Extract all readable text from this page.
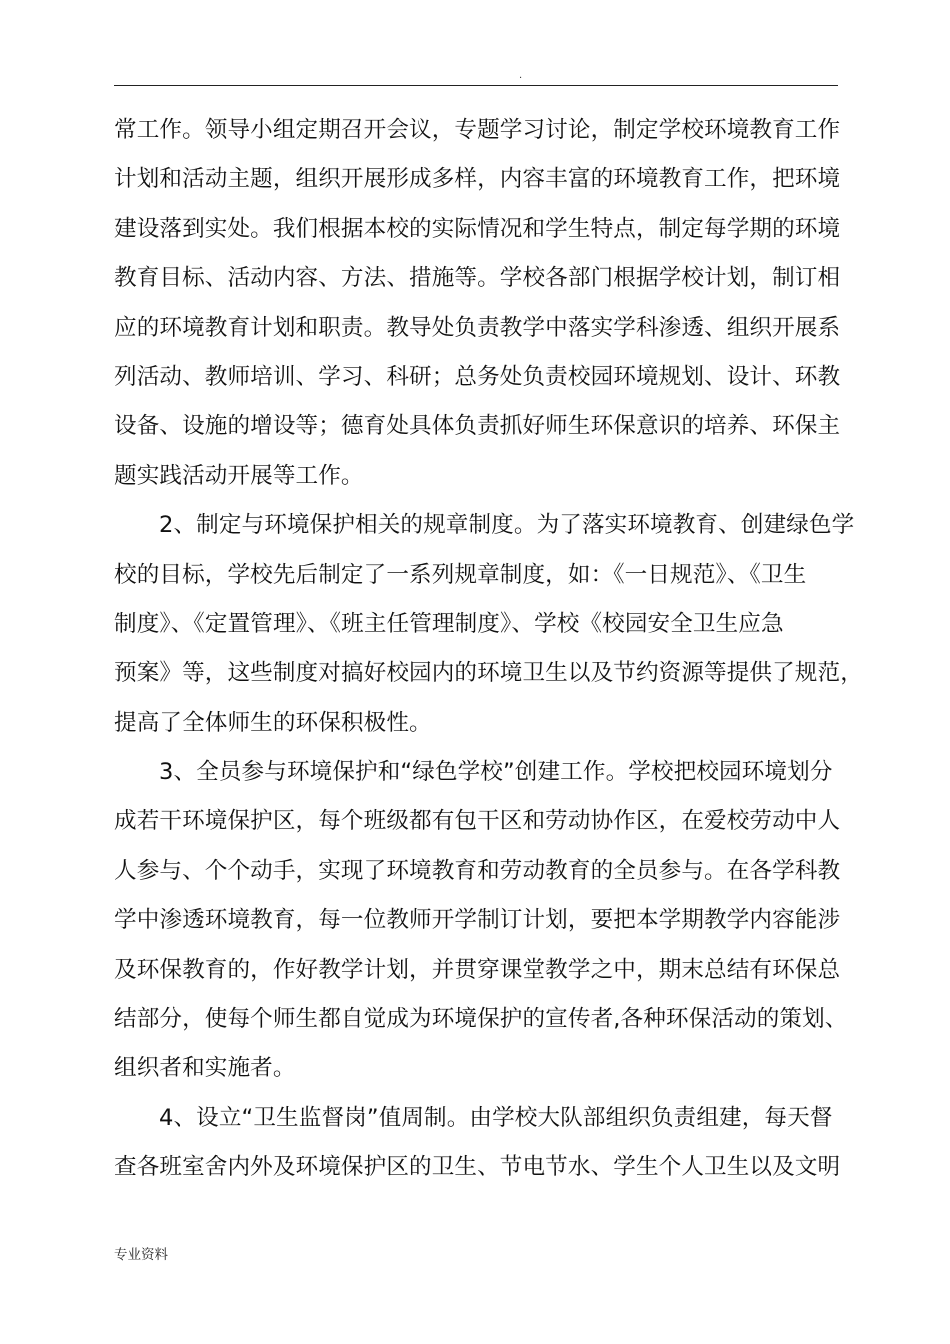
.
常工作。领导小组定期召开会议，专题学习讨论，制定学校环境教育工作
计划和活动主题，组织开展形成多样，内容丰富的环境教育工作，把环境
建设落到实处。我们根据本校的实际情况和学生特点，制定每学期的环境
教育目标、活动内容、方法、措施等。学校各部门根据学校计划，制订相
应的环境教育计划和职责。教导处负责教学中落实学科渗透、组织开展系
列活动、教师培训、学习、科研；总务处负责校园环境规划、设计、环教
设备、设施的增设等；德育处具体负责抓好师生环保意识的培养、环保主
题实践活动开展等工作。
2、制定与环境保护相关的规章制度。为了落实环境教育、创建绿色学
校的目标，学校先后制定了一系列规章制度，如：《一日规范》、《卫生
制度》、《定置管理》、《班主任管理制度》、学校《校园安全卫生应急
预案》等，这些制度对搞好校园内的环境卫生以及节约资源等提供了规范，
提高了全体师生的环保积极性。
3、全员参与环境保护和“绿色学校”创建工作。学校把校园环境划分
成若干环境保护区，每个班级都有包干区和劳动协作区，在爱校劳动中人
人参与、个个动手，实现了环境教育和劳动教育的全员参与。在各学科教
学中渗透环境教育，每一位教师开学制订计划，要把本学期教学内容能涉
及环保教育的，作好教学计划，并贯穿课堂教学之中，期末总结有环保总
结部分，使每个师生都自觉成为环境保护的宣传者,各种环保活动的策划、
组织者和实施者。
4、设立“卫生监督岗”值周制。由学校大队部组织负责组建，每天督
查各班室舍内外及环境保护区的卫生、节电节水、学生个人卫生以及文明
专业资料
